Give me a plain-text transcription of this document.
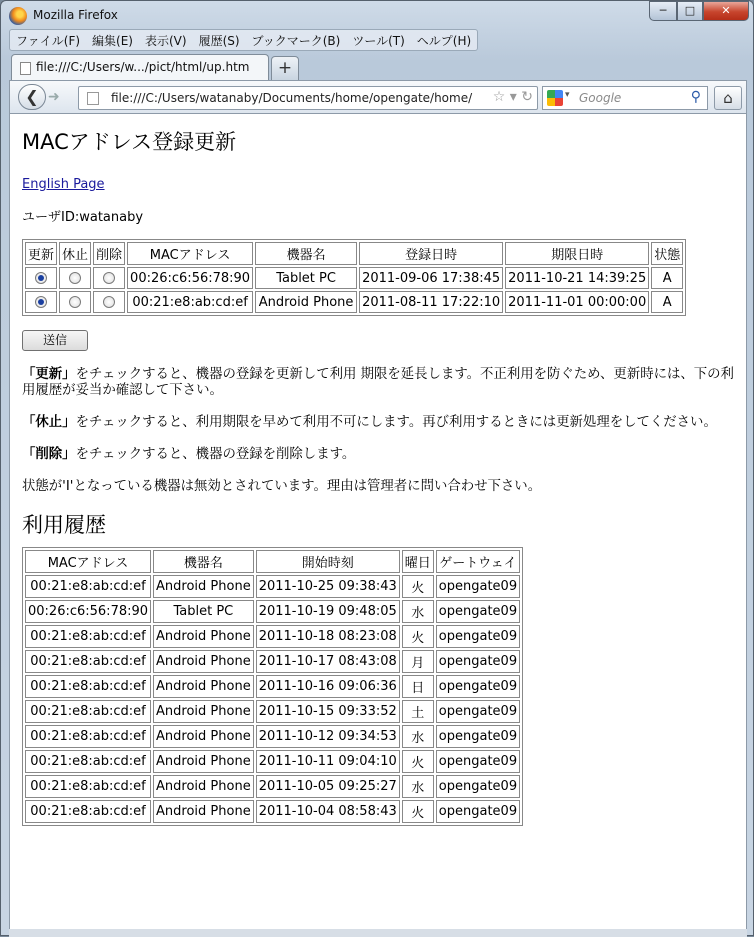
Mozilla Firefox	─	□	✕
ファイル(F)	編集(E)	表示(V)	履歴(S)	ブックマーク(B)	ツール(T)	ヘルプ(H)
file:///C:/Users/w.../pict/html/up.htm	+
❮ ➜	file:///C:/Users/watanaby/Documents/home/opengate/home/ ☆ ▾ ↻	▾ Google	⚲	⌂
MACアドレス登録更新
English Page
ユーザID:watanaby
更新	休止	削除	MACアドレス	機器名	登録日時	期限日時	状態
			00:26:c6:56:78:90	Tablet PC	2011-09-06 17:38:45	2011-10-21 14:39:25	A
			00:21:e8:ab:cd:ef	Android Phone	2011-08-11 17:22:10	2011-11-01 00:00:00	A
送信

「更新」をチェックすると、機器の登録を更新して利用 期限を延長します。不正利用を防ぐため、更新時には、下の利用履歴が妥当か確認して下さい。

「休止」をチェックすると、利用期限を早めて利用不可にします。再び利用するときには更新処理をしてください。

「削除」をチェックすると、機器の登録を削除します。

状態が'I'となっている機器は無効とされています。理由は管理者に問い合わせ下さい。

利用履歴
MACアドレス	機器名	開始時刻	曜日	ゲートウェイ
00:21:e8:ab:cd:ef	Android Phone	2011-10-25 09:38:43	火	opengate09
00:26:c6:56:78:90	Tablet PC	2011-10-19 09:48:05	水	opengate09
00:21:e8:ab:cd:ef	Android Phone	2011-10-18 08:23:08	火	opengate09
00:21:e8:ab:cd:ef	Android Phone	2011-10-17 08:43:08	月	opengate09
00:21:e8:ab:cd:ef	Android Phone	2011-10-16 09:06:36	日	opengate09
00:21:e8:ab:cd:ef	Android Phone	2011-10-15 09:33:52	土	opengate09
00:21:e8:ab:cd:ef	Android Phone	2011-10-12 09:34:53	水	opengate09
00:21:e8:ab:cd:ef	Android Phone	2011-10-11 09:04:10	火	opengate09
00:21:e8:ab:cd:ef	Android Phone	2011-10-05 09:25:27	水	opengate09
00:21:e8:ab:cd:ef	Android Phone	2011-10-04 08:58:43	火	opengate09
